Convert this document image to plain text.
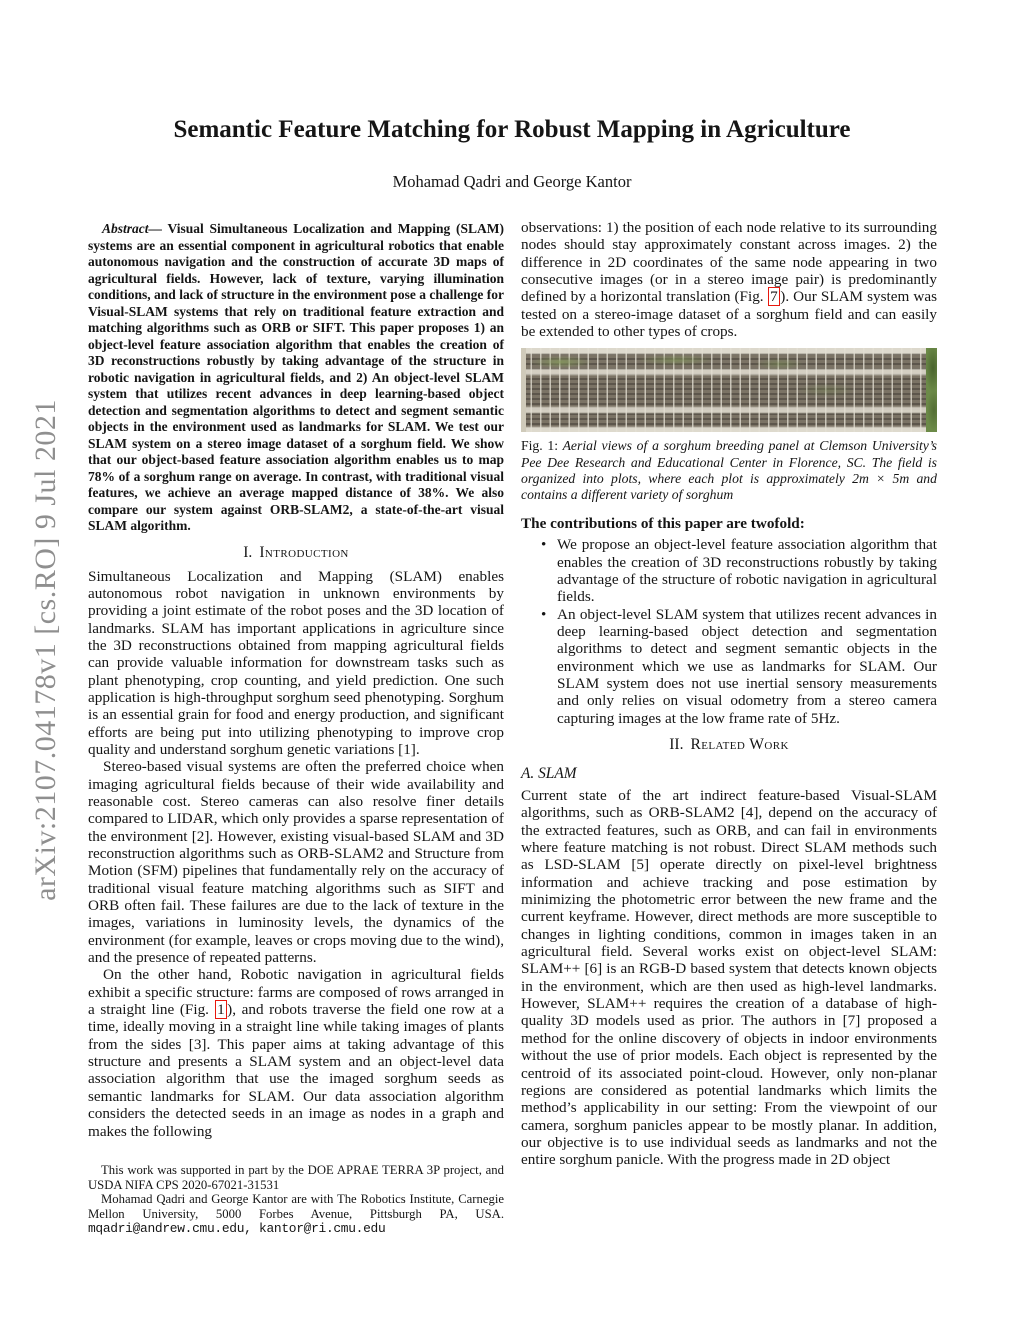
arXiv:2107.04178v1 [cs.RO] 9 Jul 2021
Semantic Feature Matching for Robust Mapping in Agriculture
Mohamad Qadri and George Kantor

Abstract— Visual Simultaneous Localization and Mapping (SLAM) systems are an essential component in agricultural robotics that enable autonomous navigation and the construction of accurate 3D maps of agricultural fields. However, lack of texture, varying illumination conditions, and lack of structure in the environment pose a challenge for Visual-SLAM systems that rely on traditional feature extraction and matching algorithms such as ORB or SIFT. This paper proposes 1) an object-level feature association algorithm that enables the creation of 3D reconstructions robustly by taking advantage of the structure in robotic navigation in agricultural fields, and 2) An object-level SLAM system that utilizes recent advances in deep learning-based object detection and segmentation algorithms to detect and segment semantic objects in the environment used as landmarks for SLAM. We test our SLAM system on a stereo image dataset of a sorghum field. We show that our object-based feature association algorithm enables us to map 78% of a sorghum range on average. In contrast, with traditional visual features, we achieve an average mapped distance of 38%. We also compare our system against ORB-SLAM2, a state-of-the-art visual SLAM algorithm.

I. Introduction

Simultaneous Localization and Mapping (SLAM) enables autonomous robot navigation in unknown environments by providing a joint estimate of the robot poses and the 3D location of landmarks. SLAM has important applications in agriculture since the 3D reconstructions obtained from mapping agricultural fields can provide valuable information for downstream tasks such as plant phenotyping, crop counting, and yield prediction. One such application is high-throughput sorghum seed phenotyping. Sorghum is an essential grain for food and energy production, and significant efforts are being put into utilizing phenotyping to improve crop quality and understand sorghum genetic variations [1].

Stereo-based visual systems are often the preferred choice when imaging agricultural fields because of their wide availability and reasonable cost. Stereo cameras can also resolve finer details compared to LIDAR, which only provides a sparse representation of the environment [2]. However, existing visual-based SLAM and 3D reconstruction algorithms such as ORB-SLAM2 and Structure from Motion (SFM) pipelines that fundamentally rely on the accuracy of traditional visual feature matching algorithms such as SIFT and ORB often fail. These failures are due to the lack of texture in the images, variations in luminosity levels, the dynamics of the environment (for example, leaves or crops moving due to the wind), and the presence of repeated patterns.

On the other hand, Robotic navigation in agricultural fields exhibit a specific structure: farms are composed of rows arranged in a straight line (Fig. 1 ), and robots traverse the field one row at a time, ideally moving in a straight line while taking images of plants from the sides [3]. This paper aims at taking advantage of this structure and presents a SLAM system and an object-level data association algorithm that use the imaged sorghum seeds as semantic landmarks for SLAM. Our data association algorithm considers the detected seeds in an image as nodes in a graph and makes the following

This work was supported in part by the DOE APRAE TERRA 3P project, and USDA NIFA CPS 2020-67021-31531

Mohamad Qadri and George Kantor are with The Robotics Institute, Carnegie Mellon University, 5000 Forbes Avenue, Pittsburgh PA, USA. mqadri@andrew.cmu.edu, kantor@ri.cmu.edu

observations: 1) the position of each node relative to its surrounding nodes should stay approximately constant across images. 2) the difference in 2D coordinates of the same node appearing in two consecutive images (or in a stereo image pair) is predominantly defined by a horizontal translation (Fig. 7 ). Our SLAM system was tested on a stereo-image dataset of a sorghum field and can easily be extended to other types of crops.

Fig. 1: Aerial views of a sorghum breeding panel at Clemson University’s Pee Dee Research and Educational Center in Florence, SC. The field is organized into plots, where each plot is approximately 2m × 5m and contains a different variety of sorghum

The contributions of this paper are twofold:
• We propose an object-level feature association algorithm that enables the creation of 3D reconstructions robustly by taking advantage of the structure of robotic navigation in agricultural fields.
• An object-level SLAM system that utilizes recent advances in deep learning-based object detection and segmentation algorithms to detect and segment semantic objects in the environment which we use as landmarks for SLAM. Our SLAM system does not use inertial sensory measurements and only relies on visual odometry from a stereo camera capturing images at the low frame rate of 5Hz.
II. Related Work
A. SLAM

Current state of the art indirect feature-based Visual-SLAM algorithms, such as ORB-SLAM2 [4], depend on the accuracy of the extracted features, such as ORB, and can fail in environments where feature matching is not robust. Direct SLAM methods such as LSD-SLAM [5] operate directly on pixel-level brightness information and achieve tracking and pose estimation by minimizing the photometric error between the new frame and the current keyframe. However, direct methods are more susceptible to changes in lighting conditions, common in images taken in an agricultural field. Several works exist on object-level SLAM: SLAM++ [6] is an RGB-D based system that detects known objects in the environment, which are then used as high-level landmarks. However, SLAM++ requires the creation of a database of high-quality 3D models used as prior. The authors in [7] proposed a method for the online discovery of objects in indoor environments without the use of prior models. Each object is represented by the centroid of its associated point-cloud. However, only non-planar regions are considered as potential landmarks which limits the method’s applicability in our setting: From the viewpoint of our camera, sorghum panicles appear to be mostly planar. In addition, our objective is to use individual seeds as landmarks and not the entire sorghum panicle. With the progress made in 2D object
